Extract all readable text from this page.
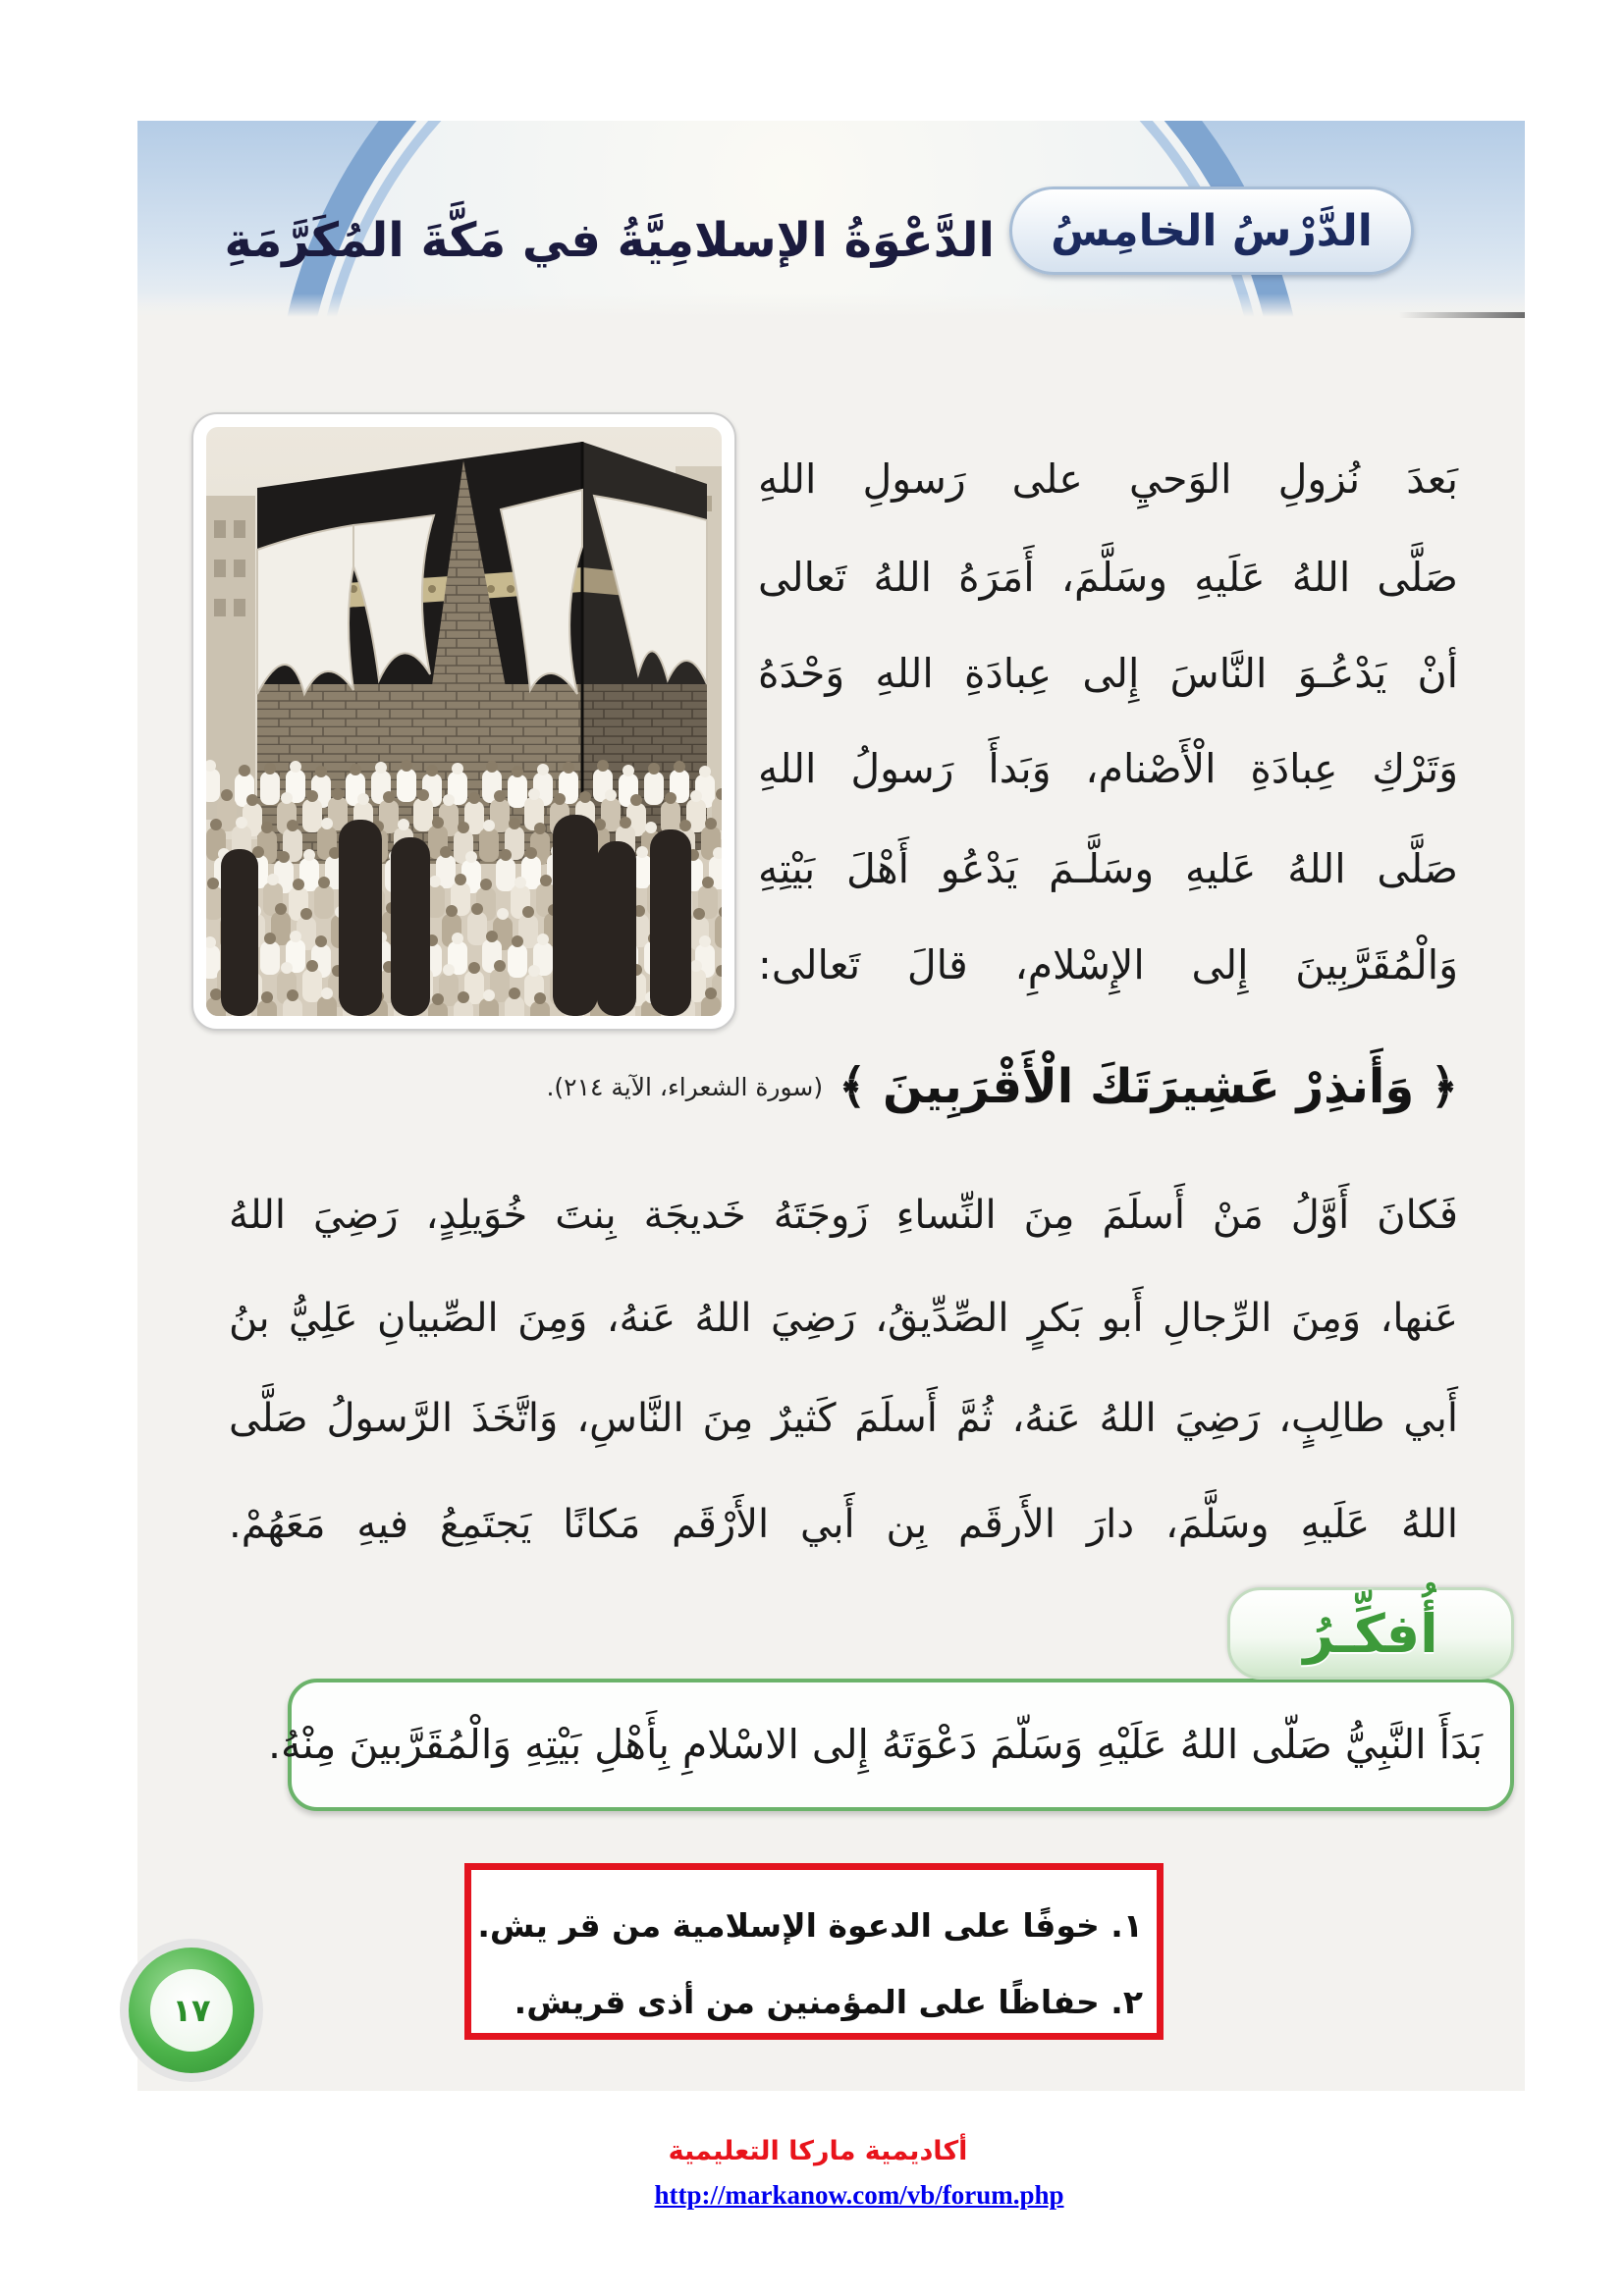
الدَّرْسُ الخامِسُ
الدَّعْوَةُ الإسلامِيَّةُ في مَكَّةَ المُكَرَّمَةِ
بَعدَ نُزولِ الوَحيِ على رَسولِ اللهِ
صَلَّى اللهُ عَلَيهِ وسَلَّمَ، أَمَرَهُ اللهُ تَعالى
أنْ يَدْعُـوَ النَّاسَ إِلى عِبادَةِ اللهِ وَحْدَهُ
وَتَرْكِ عِبادَةِ الْأَصْنام، وَبَدأَ رَسولُ اللهِ
صَلَّى اللهُ عَليهِ وسَلَّـمَ يَدْعُو أَهْلَ بَيْتِهِ
وَالْمُقَرَّبِينَ إِلى الإِسْلامِ، قالَ تَعالى:
﴿ وَأَنذِرْ عَشِيرَتَكَ الْأَقْرَبِينَ ﴾
(سورة الشعراء، الآية ٢١٤).
فَكانَ أَوَّلُ مَنْ أَسلَمَ مِنَ النِّساءِ زَوجَتَهُ خَديجَة بِنتَ خُوَيلِدٍ، رَضِيَ اللهُ
عَنها، وَمِنَ الرِّجالِ أَبو بَكرٍ الصِّدِّيقُ، رَضِيَ اللهُ عَنهُ، وَمِنَ الصِّبيانِ عَلِيُّ بنُ
أَبي طالِبٍ، رَضِيَ اللهُ عَنهُ، ثُمَّ أَسلَمَ كَثيرٌ مِنَ النَّاسِ، وَاتَّخَذَ الرَّسولُ صَلَّى
اللهُ عَلَيهِ وسَلَّمَ، دارَ الأَرقَم بِن أَبي الأَرْقَم مَكانًا يَجتَمِعُ فيهِ مَعَهُمْ.
أُفكِّـرُ
بَدَأَ النَّبِيُّ صَلّى اللهُ عَلَيْهِ وَسَلّمَ دَعْوَتَهُ إِلى الاسْلامِ بِأَهْلِ بَيْتِهِ وَالْمُقَرَّبينَ مِنْهُ.
١. خوفًا على الدعوة الإسلامية من قر يش.
٢. حفاظًا على المؤمنين من أذى قريش.
١٧
أكاديمية ماركا التعليمية
http://markanow.com/vb/forum.php
